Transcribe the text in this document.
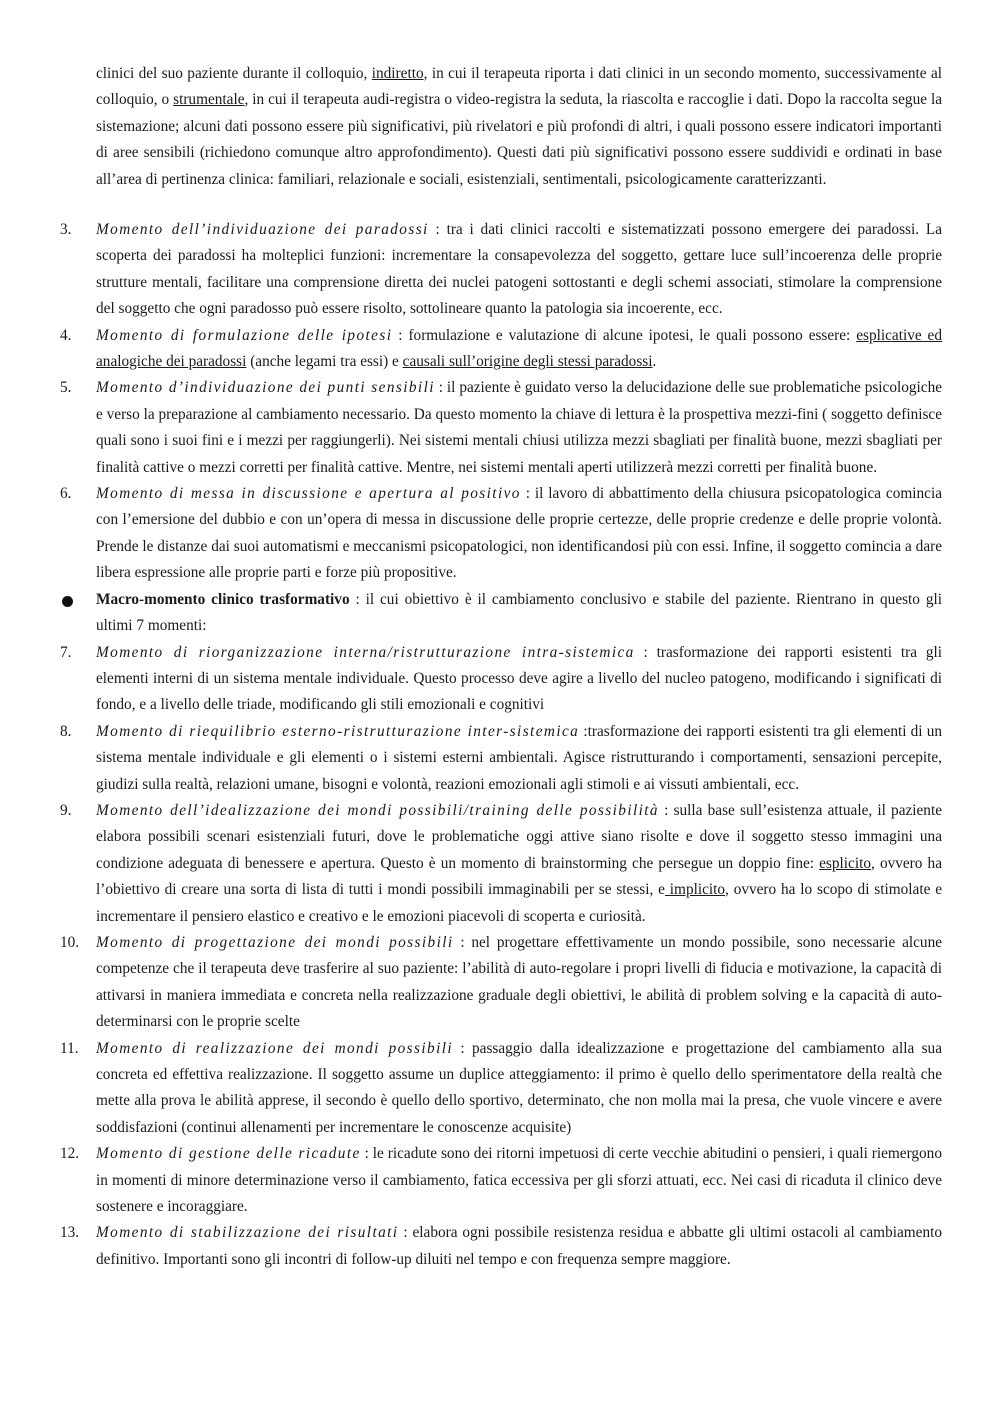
clinici del suo paziente durante il colloquio, indiretto, in cui il terapeuta riporta i dati clinici in un secondo momento, successivamente al colloquio, o strumentale, in cui il terapeuta audi-registra o video-registra la seduta, la riascolta e raccoglie i dati. Dopo la raccolta segue la sistemazione; alcuni dati possono essere più significativi, più rivelatori e più profondi di altri, i quali possono essere indicatori importanti di aree sensibili (richiedono comunque altro approfondimento). Questi dati più significativi possono essere suddividi e ordinati in base all’area di pertinenza clinica: familiari, relazionale e sociali, esistenziali, sentimentali, psicologicamente caratterizzanti.
3. Momento dell’individuazione dei paradossi : tra i dati clinici raccolti e sistematizzati possono emergere dei paradossi. La scoperta dei paradossi ha molteplici funzioni: incrementare la consapevolezza del soggetto, gettare luce sull’incoerenza delle proprie strutture mentali, facilitare una comprensione diretta dei nuclei patogeni sottostanti e degli schemi associati, stimolare la comprensione del soggetto che ogni paradosso può essere risolto, sottolineare quanto la patologia sia incoerente, ecc.
4. Momento di formulazione delle ipotesi : formulazione e valutazione di alcune ipotesi, le quali possono essere: esplicative ed analogiche dei paradossi (anche legami tra essi) e causali sull’origine degli stessi paradossi.
5. Momento d’individuazione dei punti sensibili : il paziente è guidato verso la delucidazione delle sue problematiche psicologiche e verso la preparazione al cambiamento necessario. Da questo momento la chiave di lettura è la prospettiva mezzi-fini ( soggetto definisce quali sono i suoi fini e i mezzi per raggiungerli). Nei sistemi mentali chiusi utilizza mezzi sbagliati per finalità buone, mezzi sbagliati per finalità cattive o mezzi corretti per finalità cattive. Mentre, nei sistemi mentali aperti utilizzerà mezzi corretti per finalità buone.
6. Momento di messa in discussione e apertura al positivo : il lavoro di abbattimento della chiusura psicopatologica comincia con l’emersione del dubbio e con un’opera di messa in discussione delle proprie certezze, delle proprie credenze e delle proprie volontà. Prende le distanze dai suoi automatismi e meccanismi psicopatologici, non identificandosi più con essi. Infine, il soggetto comincia a dare libera espressione alle proprie parti e forze più propositive.
Macro-momento clinico trasformativo : il cui obiettivo è il cambiamento conclusivo e stabile del paziente. Rientrano in questo gli ultimi 7 momenti:
7. Momento di riorganizzazione interna/ristrutturazione intra-sistemica : trasformazione dei rapporti esistenti tra gli elementi interni di un sistema mentale individuale. Questo processo deve agire a livello del nucleo patogeno, modificando i significati di fondo, e a livello delle triade, modificando gli stili emozionali e cognitivi
8. Momento di riequilibrio esterno-ristrutturazione inter-sistemica :trasformazione dei rapporti esistenti tra gli elementi di un sistema mentale individuale e gli elementi o i sistemi esterni ambientali. Agisce ristrutturando i comportamenti, sensazioni percepite, giudizi sulla realtà, relazioni umane, bisogni e volontà, reazioni emozionali agli stimoli e ai vissuti ambientali, ecc.
9. Momento dell’idealizzazione dei mondi possibili/training delle possibilità : sulla base sull’esistenza attuale, il paziente elabora possibili scenari esistenziali futuri, dove le problematiche oggi attive siano risolte e dove il soggetto stesso immagini una condizione adeguata di benessere e apertura. Questo è un momento di brainstorming che persegue un doppio fine: esplicito, ovvero ha l’obiettivo di creare una sorta di lista di tutti i mondi possibili immaginabili per se stessi, e implicito, ovvero ha lo scopo di stimolate e incrementare il pensiero elastico e creativo e le emozioni piacevoli di scoperta e curiosità.
10. Momento di progettazione dei mondi possibili : nel progettare effettivamente un mondo possibile, sono necessarie alcune competenze che il terapeuta deve trasferire al suo paziente: l’abilità di auto-regolare i propri livelli di fiducia e motivazione, la capacità di attivarsi in maniera immediata e concreta nella realizzazione graduale degli obiettivi, le abilità di problem solving e la capacità di auto-determinarsi con le proprie scelte
11. Momento di realizzazione dei mondi possibili : passaggio dalla idealizzazione e progettazione del cambiamento alla sua concreta ed effettiva realizzazione. Il soggetto assume un duplice atteggiamento: il primo è quello dello sperimentatore della realtà che mette alla prova le abilità apprese, il secondo è quello dello sportivo, determinato, che non molla mai la presa, che vuole vincere e avere soddisfazioni (continui allenamenti per incrementare le conoscenze acquisite)
12. Momento di gestione delle ricadute : le ricadute sono dei ritorni impetuosi di certe vecchie abitudini o pensieri, i quali riemergono in momenti di minore determinazione verso il cambiamento, fatica eccessiva per gli sforzi attuati, ecc. Nei casi di ricaduta il clinico deve sostenere e incoraggiare.
13. Momento di stabilizzazione dei risultati : elabora ogni possibile resistenza residua e abbatte gli ultimi ostacoli al cambiamento definitivo. Importanti sono gli incontri di follow-up diluiti nel tempo e con frequenza sempre maggiore.
